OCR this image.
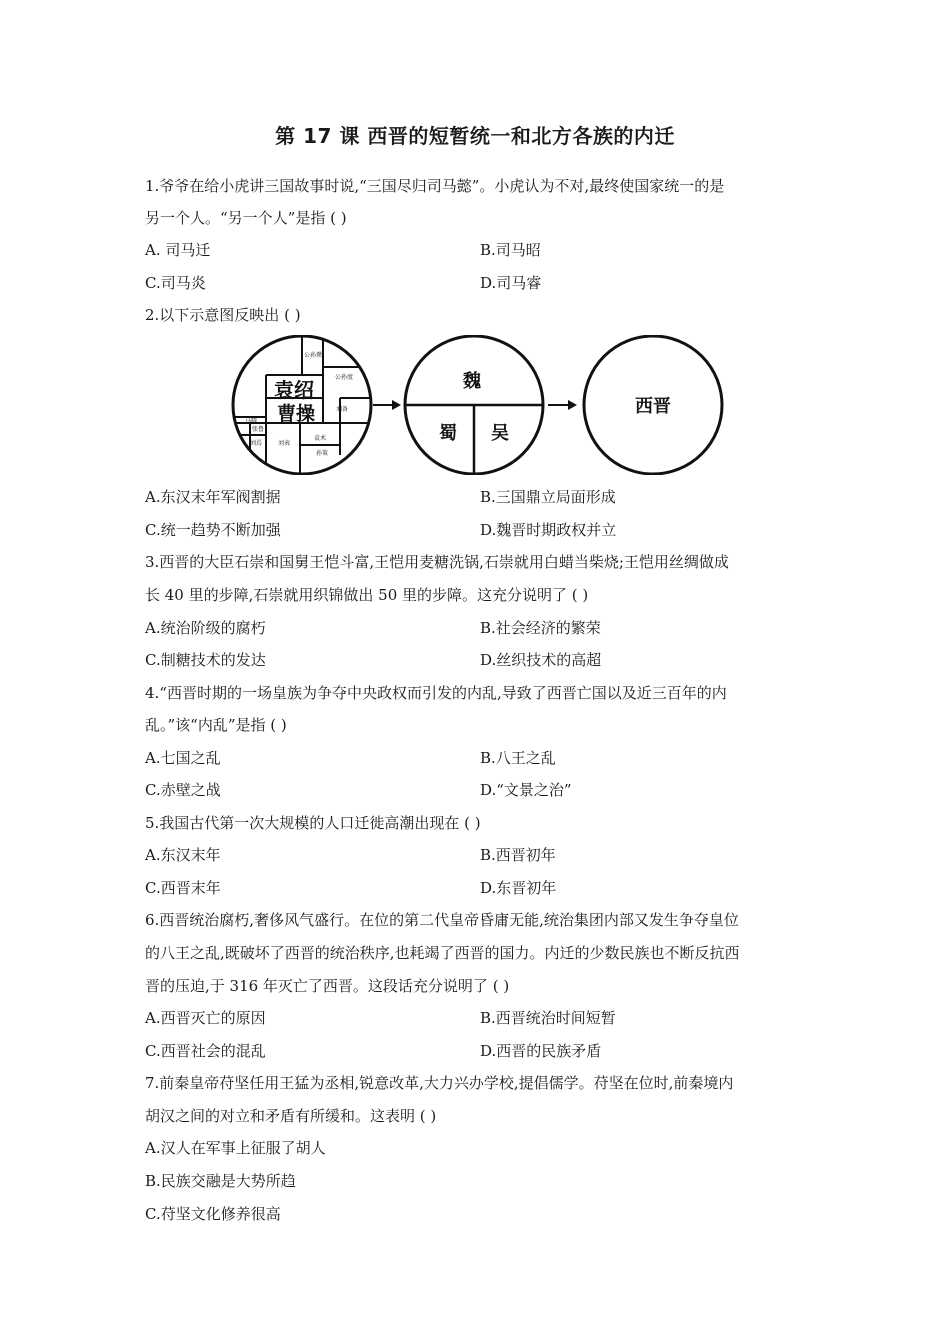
第 17 课 西晋的短暂统一和北方各族的内迁
1.爷爷在给小虎讲三国故事时说,“三国尽归司马懿”。小虎认为不对,最终使国家统一的是
另一个人。“另一个人”是指 ( )
A. 司马迁	B.司马昭
C.司马炎	D.司马睿
2.以下示意图反映出 ( )
袁绍
曹操
公孙瓒
公孙度
马腾
张鲁
刘焉	刘表
袁术
孙策
刘备
魏
蜀 吴
西晋
A.东汉末年军阀割据	B.三国鼎立局面形成
C.统一趋势不断加强	D.魏晋时期政权并立
3.西晋的大臣石崇和国舅王恺斗富,王恺用麦糖洗锅,石崇就用白蜡当柴烧;王恺用丝绸做成
长 40 里的步障,石崇就用织锦做出 50 里的步障。这充分说明了 ( )
A.统治阶级的腐朽	B.社会经济的繁荣
C.制糖技术的发达	D.丝织技术的高超
4.“西晋时期的一场皇族为争夺中央政权而引发的内乱,导致了西晋亡国以及近三百年的内
乱。”该“内乱”是指 ( )
A.七国之乱	B.八王之乱
C.赤壁之战	D.“文景之治”
5.我国古代第一次大规模的人口迁徙高潮出现在 ( )
A.东汉末年	B.西晋初年
C.西晋末年	D.东晋初年
6.西晋统治腐朽,奢侈风气盛行。在位的第二代皇帝昏庸无能,统治集团内部又发生争夺皇位
的八王之乱,既破坏了西晋的统治秩序,也耗竭了西晋的国力。内迁的少数民族也不断反抗西
晋的压迫,于 316 年灭亡了西晋。这段话充分说明了 ( )
A.西晋灭亡的原因	B.西晋统治时间短暂
C.西晋社会的混乱	D.西晋的民族矛盾
7.前秦皇帝苻坚任用王猛为丞相,锐意改革,大力兴办学校,提倡儒学。苻坚在位时,前秦境内
胡汉之间的对立和矛盾有所缓和。这表明 ( )
A.汉人在军事上征服了胡人
B.民族交融是大势所趋
C.苻坚文化修养很高
